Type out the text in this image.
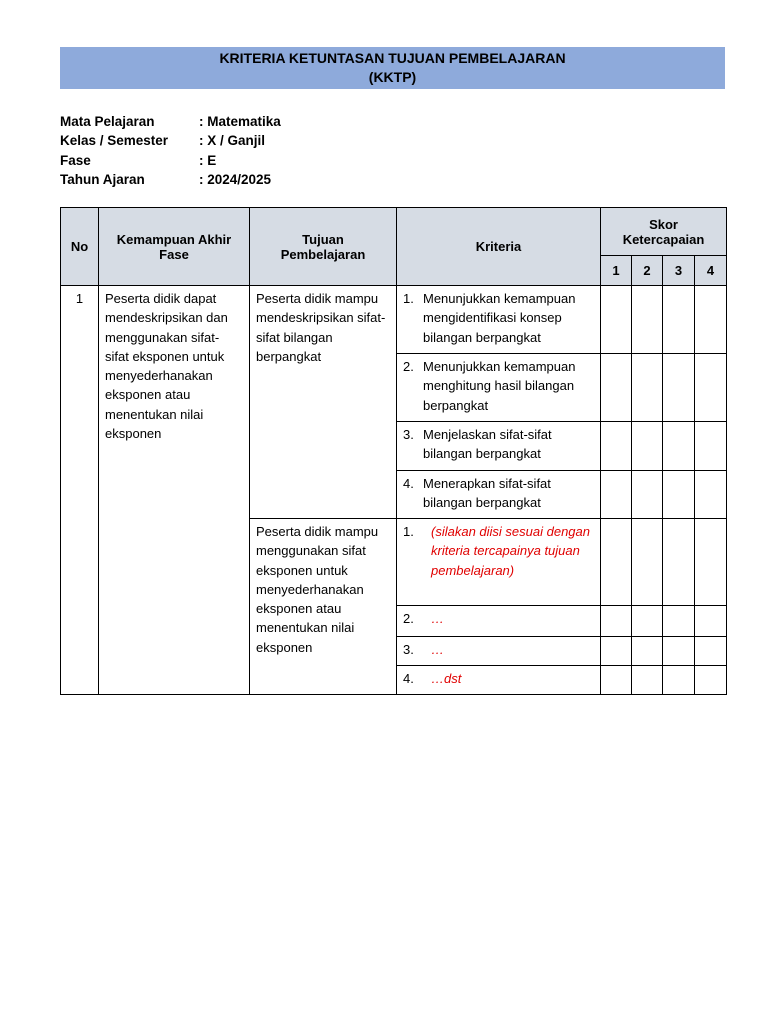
KRITERIA KETUNTASAN TUJUAN PEMBELAJARAN
(KKTP)
Mata Pelajaran	: Matematika
Kelas / Semester	: X / Ganjil
Fase	: E
Tahun Ajaran	: 2024/2025
No	Kemampuan Akhir Fase	Tujuan Pembelajaran	Kriteria	Skor Ketercapaian			
				1	2	3	4
1	Peserta didik dapat mendeskripsikan dan menggunakan sifat-sifat eksponen untuk menyederhanakan eksponen atau menentukan nilai eksponen	Peserta didik mampu mendeskripsikan sifat-sifat bilangan berpangkat	1. Menunjukkan kemampuan mengidentifikasi konsep bilangan berpangkat				

			2. Menunjukkan kemampuan menghitung hasil bilangan berpangkat				

			3. Menjelaskan sifat-sifat bilangan berpangkat				

			4. Menerapkan sifat-sifat bilangan berpangkat				

		Peserta didik mampu menggunakan sifat eksponen untuk menyederhanakan eksponen atau menentukan nilai eksponen	1. (silakan diisi sesuai dengan kriteria tercapainya tujuan pembelajaran)				

			2. …				

			3. …				

			4. …dst				
